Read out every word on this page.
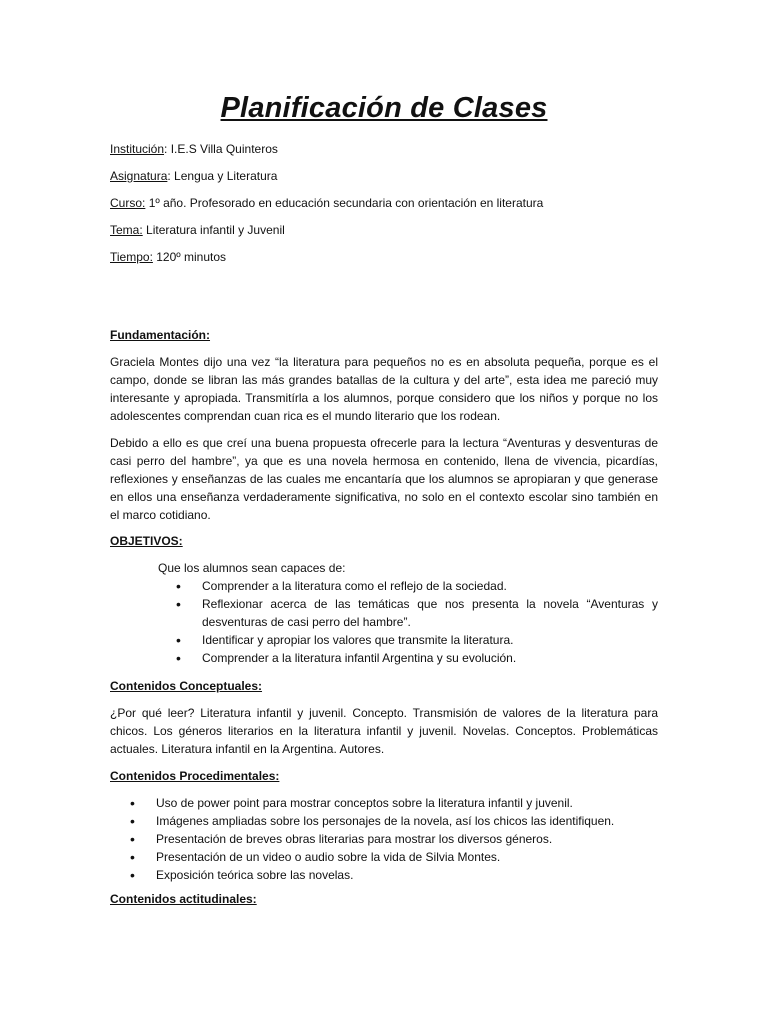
Planificación de Clases

Institución: I.E.S Villa Quinteros

Asignatura: Lengua y Literatura

Curso: 1º año. Profesorado en educación secundaria con orientación en literatura

Tema: Literatura infantil y Juvenil

Tiempo: 120º minutos

Fundamentación:

Graciela Montes dijo una vez “la literatura para pequeños no es en absoluta pequeña, porque es el campo, donde se libran las más grandes batallas de la cultura y del arte”, esta idea me pareció muy interesante y apropiada. Transmitírla a los alumnos, porque considero que los niños y porque no los adolescentes comprendan cuan rica es el mundo literario que los rodean.

Debido a ello es que creí una buena propuesta ofrecerle para la lectura “Aventuras y desventuras de casi perro del hambre”, ya que es una novela hermosa en contenido, llena de vivencia, picardías, reflexiones y enseñanzas de las cuales me encantaría que los alumnos se apropiaran y que generase en ellos una enseñanza verdaderamente significativa, no solo en el contexto escolar sino también en el marco cotidiano.

OBJETIVOS:

Que los alumnos sean capaces de:

• Comprender a la literatura como el reflejo de la sociedad.
• Reflexionar acerca de las temáticas que nos presenta la novela “Aventuras y desventuras de casi perro del hambre”.
• Identificar y apropiar los valores que transmite la literatura.
• Comprender a la literatura infantil Argentina y su evolución.

Contenidos Conceptuales:

¿Por qué leer? Literatura infantil y juvenil. Concepto. Transmisión de valores de la literatura para chicos. Los géneros literarios en la literatura infantil y juvenil. Novelas. Conceptos. Problemáticas actuales. Literatura infantil en la Argentina. Autores.

Contenidos Procedimentales:

• Uso de power point para mostrar conceptos sobre la literatura infantil y juvenil.
• Imágenes ampliadas sobre los personajes de la novela, así los chicos las identifiquen.
• Presentación de breves obras literarias para mostrar los diversos géneros.
• Presentación de un video o audio sobre la vida de Silvia Montes.
• Exposición teórica sobre las novelas.

Contenidos actitudinales:
